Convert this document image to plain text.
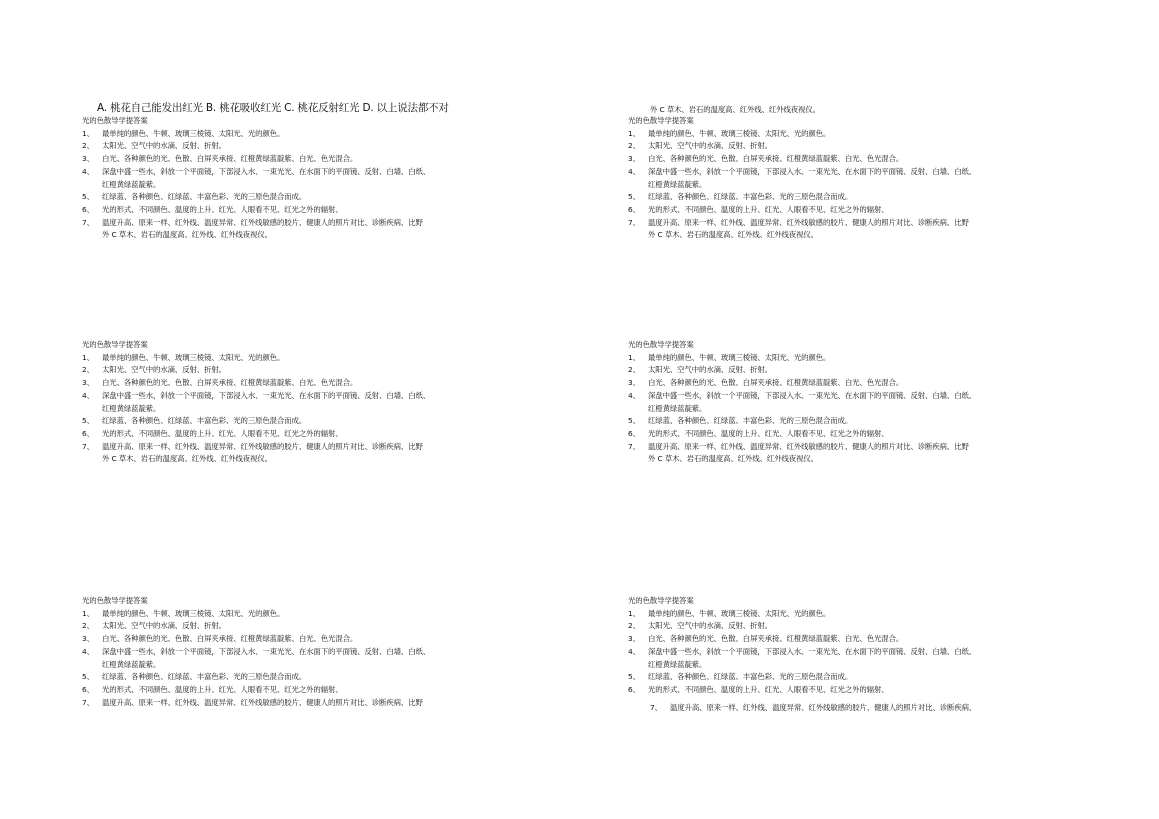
A. 桃花自己能发出红光 B. 桃花吸收红光 C. 桃花反射红光 D. 以上说法都不对	外 C 草木、岩石的温度高、红外线、红外线夜视仪。
光的色散导学提答案
1、	最单纯的颜色、牛顿、玻璃三棱镜、太阳光、光的颜色。
2、	太阳光、空气中的水滴、反射、折射。
3、	白光、各种颜色的光、色散、白屏夹承接、红橙黄绿蓝靛紫、白光、色光混合。
4、	深盘中盛一些水，斜放一个平面镜，下部浸入水、一束光光、在水面下的平面镜、反射、白墙、白纸、
红橙黄绿蓝靛紫。
5、	红绿蓝、各种颜色、红绿蓝、丰富色彩、光的三原色混合而成。
6、	光的形式、不同颜色、温度的上升、红光、人眼看不见、红光之外的辐射、
7、	温度升高、原来一样、红外线、温度异常、红外线敏感的胶片、健康人的照片对比、诊断疾病、比野
外 C 草木、岩石的温度高、红外线、红外线夜视仪。
光的色散导学提答案
1、	最单纯的颜色、牛顿、玻璃三棱镜、太阳光、光的颜色。
2、	太阳光、空气中的水滴、反射、折射。
3、	白光、各种颜色的光、色散、白屏夹承接、红橙黄绿蓝靛紫、白光、色光混合。
4、	深盘中盛一些水，斜放一个平面镜，下部浸入水、一束光光、在水面下的平面镜、反射、白墙、白纸、
红橙黄绿蓝靛紫。
5、	红绿蓝、各种颜色、红绿蓝、丰富色彩、光的三原色混合而成。
6、	光的形式、不同颜色、温度的上升、红光、人眼看不见、红光之外的辐射、
7、	温度升高、原来一样、红外线、温度异常、红外线敏感的胶片、健康人的照片对比、诊断疾病、比野
外 C 草木、岩石的温度高、红外线、红外线夜视仪。
光的色散导学提答案
1、	最单纯的颜色、牛顿、玻璃三棱镜、太阳光、光的颜色。
2、	太阳光、空气中的水滴、反射、折射。
3、	白光、各种颜色的光、色散、白屏夹承接、红橙黄绿蓝靛紫、白光、色光混合。
4、	深盘中盛一些水，斜放一个平面镜，下部浸入水、一束光光、在水面下的平面镜、反射、白墙、白纸、
红橙黄绿蓝靛紫。
5、	红绿蓝、各种颜色、红绿蓝、丰富色彩、光的三原色混合而成。
6、	光的形式、不同颜色、温度的上升、红光、人眼看不见、红光之外的辐射、
7、	温度升高、原来一样、红外线、温度异常、红外线敏感的胶片、健康人的照片对比、诊断疾病、比野
外 C 草木、岩石的温度高、红外线、红外线夜视仪。
光的色散导学提答案
1、	最单纯的颜色、牛顿、玻璃三棱镜、太阳光、光的颜色。
2、	太阳光、空气中的水滴、反射、折射。
3、	白光、各种颜色的光、色散、白屏夹承接、红橙黄绿蓝靛紫、白光、色光混合。
4、	深盘中盛一些水，斜放一个平面镜，下部浸入水、一束光光、在水面下的平面镜、反射、白墙、白纸、
红橙黄绿蓝靛紫。
5、	红绿蓝、各种颜色、红绿蓝、丰富色彩、光的三原色混合而成。
6、	光的形式、不同颜色、温度的上升、红光、人眼看不见、红光之外的辐射、
7、	温度升高、原来一样、红外线、温度异常、红外线敏感的胶片、健康人的照片对比、诊断疾病、比野
外 C 草木、岩石的温度高、红外线、红外线夜视仪。
光的色散导学提答案
1、	最单纯的颜色、牛顿、玻璃三棱镜、太阳光、光的颜色。
2、	太阳光、空气中的水滴、反射、折射。
3、	白光、各种颜色的光、色散、白屏夹承接、红橙黄绿蓝靛紫、白光、色光混合。
4、	深盘中盛一些水，斜放一个平面镜，下部浸入水、一束光光、在水面下的平面镜、反射、白墙、白纸、
红橙黄绿蓝靛紫。
5、	红绿蓝、各种颜色、红绿蓝、丰富色彩、光的三原色混合而成。
6、	光的形式、不同颜色、温度的上升、红光、人眼看不见、红光之外的辐射、
7、	温度升高、原来一样、红外线、温度异常、红外线敏感的胶片、健康人的照片对比、诊断疾病、比野
光的色散导学提答案
1、	最单纯的颜色、牛顿、玻璃三棱镜、太阳光、光的颜色。
2、	太阳光、空气中的水滴、反射、折射。
3、	白光、各种颜色的光、色散、白屏夹承接、红橙黄绿蓝靛紫、白光、色光混合。
4、	深盘中盛一些水，斜放一个平面镜，下部浸入水、一束光光、在水面下的平面镜、反射、白墙、白纸、
红橙黄绿蓝靛紫。
5、	红绿蓝、各种颜色、红绿蓝、丰富色彩、光的三原色混合而成。
6、	光的形式、不同颜色、温度的上升、红光、人眼看不见、红光之外的辐射、
7、 温度升高、原来一样、红外线、温度异常、红外线敏感的胶片、健康人的照片对比、诊断疾病、
